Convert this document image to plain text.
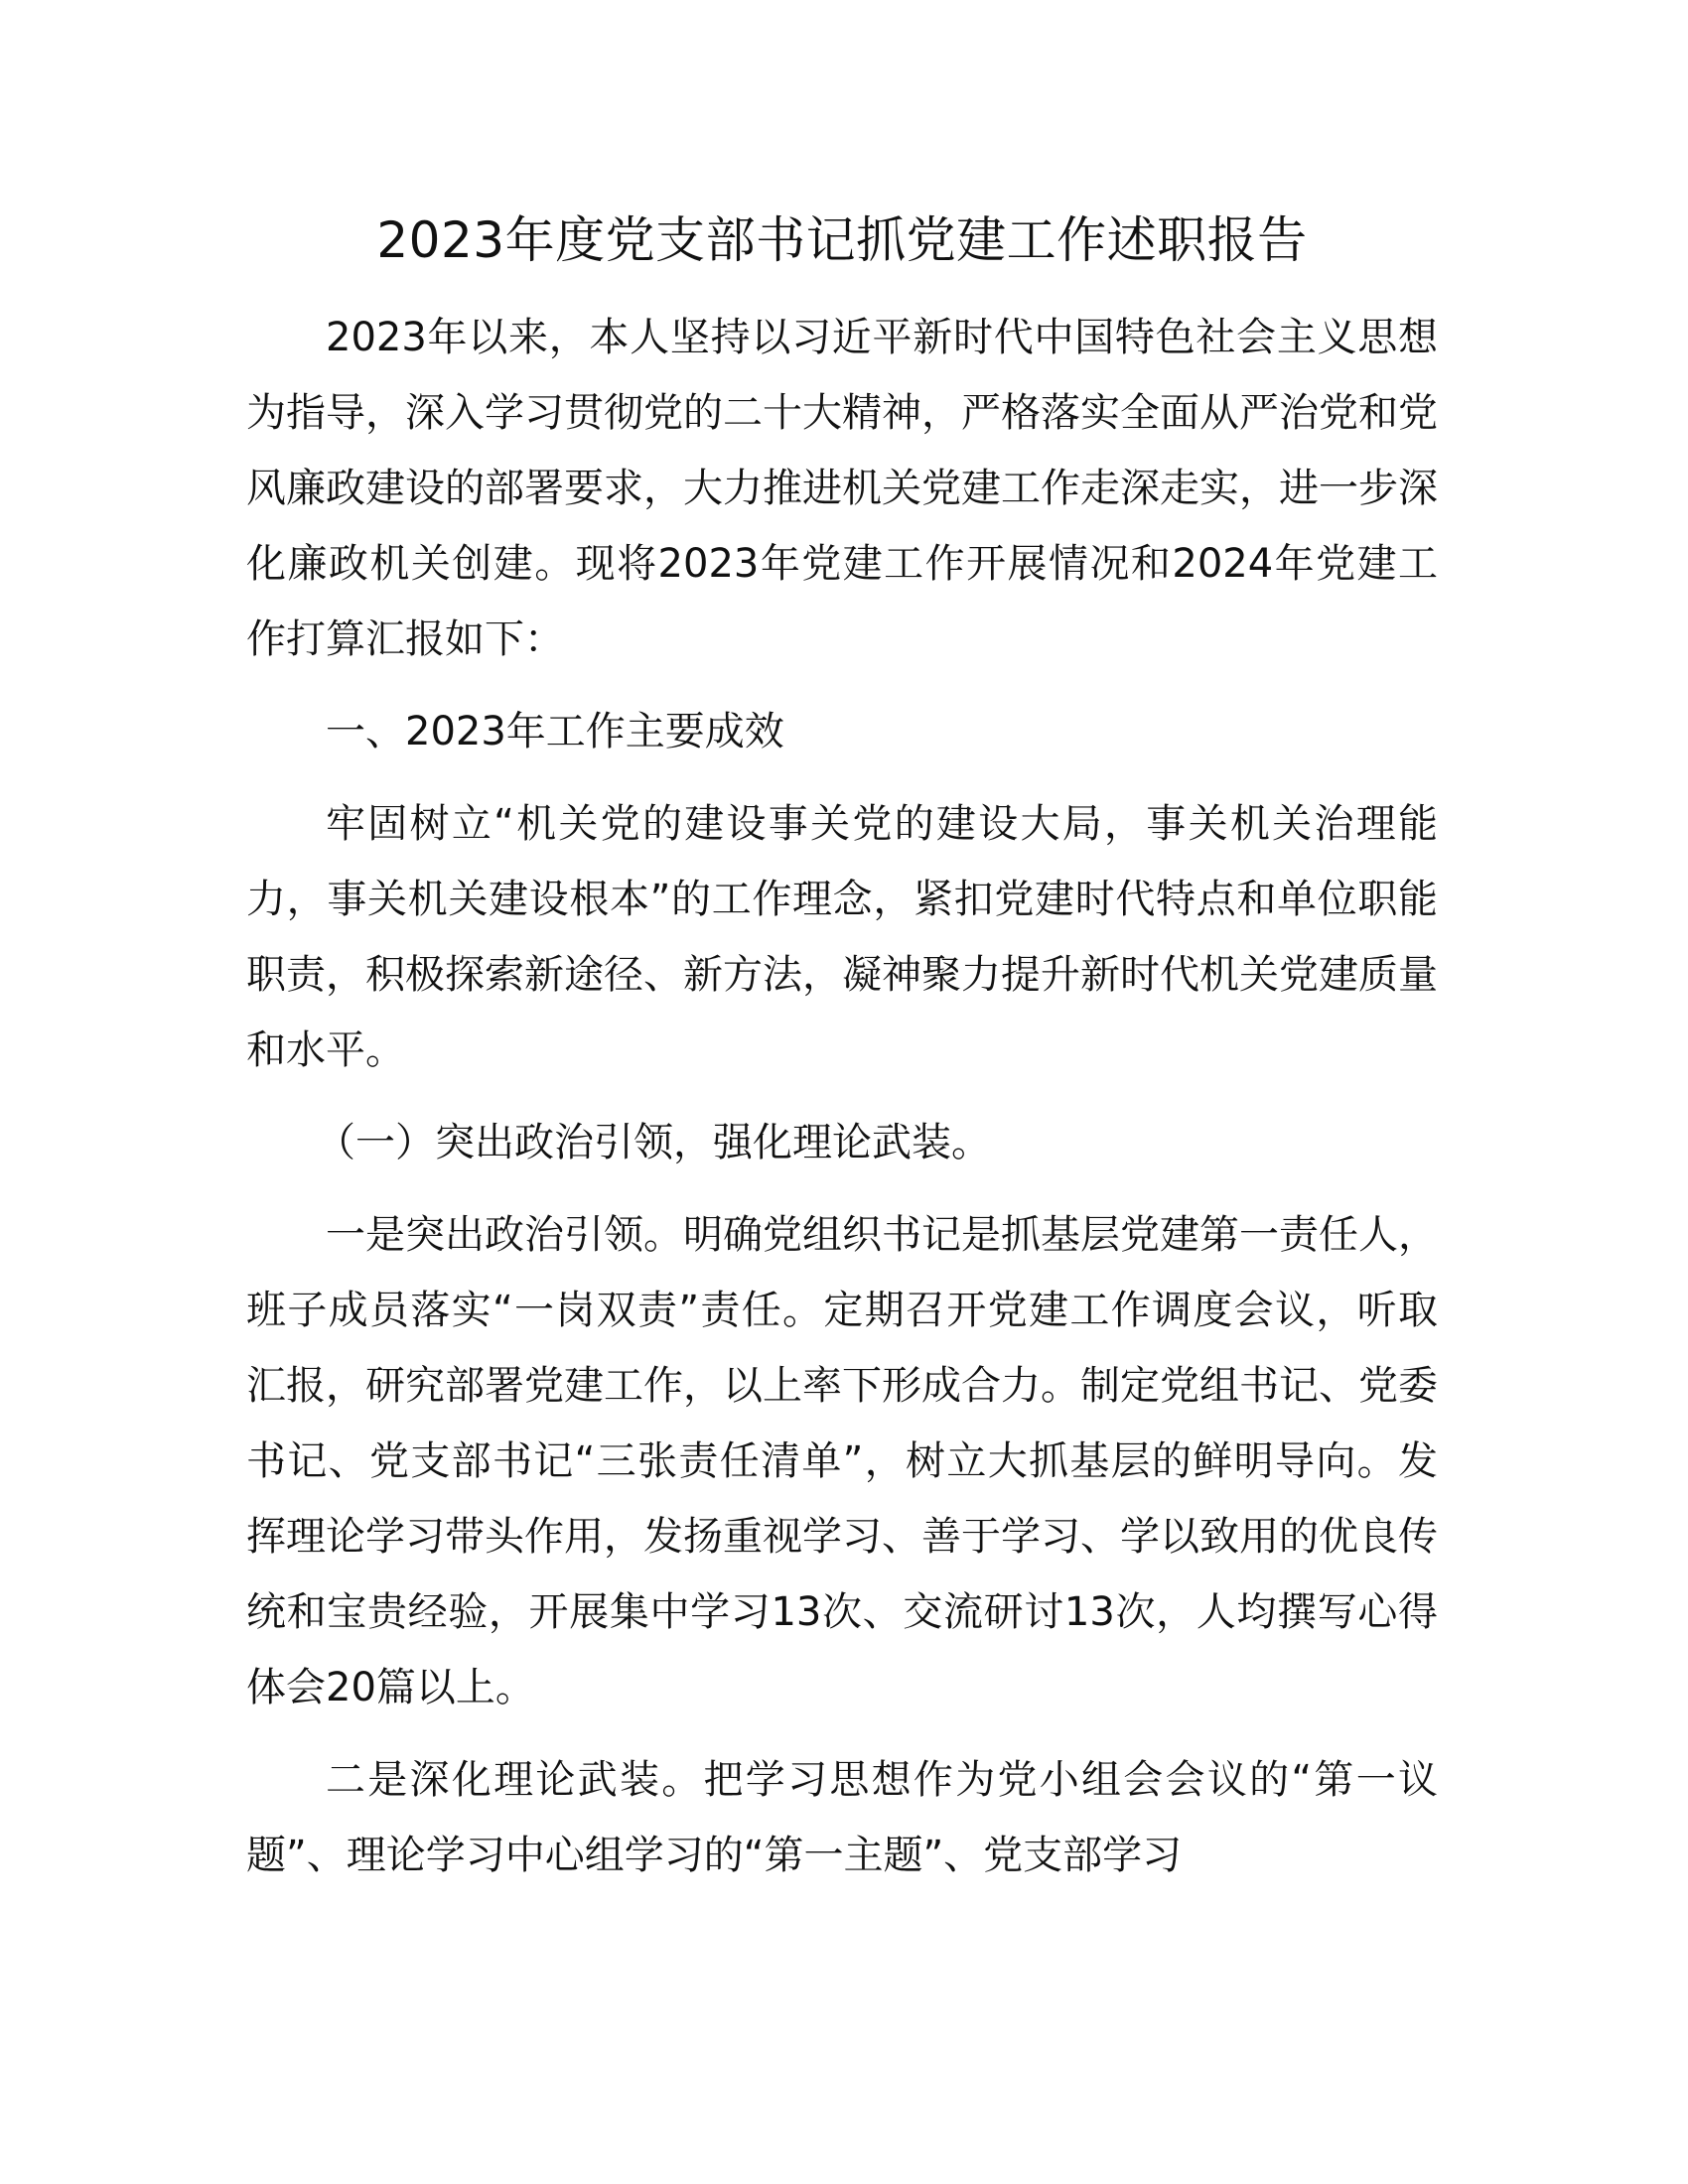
2023年度党支部书记抓党建工作述职报告

2023年以来，本人坚持以习近平新时代中国特色社会主义思想为指导，深入学习贯彻党的二十大精神，严格落实全面从严治党和党风廉政建设的部署要求，大力推进机关党建工作走深走实，进一步深化廉政机关创建。现将2023年党建工作开展情况和2024年党建工作打算汇报如下：

一、2023年工作主要成效

牢固树立“机关党的建设事关党的建设大局，事关机关治理能力，事关机关建设根本”的工作理念，紧扣党建时代特点和单位职能职责，积极探索新途径、新方法，凝神聚力提升新时代机关党建质量和水平。

（一）突出政治引领，强化理论武装。

一是突出政治引领。明确党组织书记是抓基层党建第一责任人，班子成员落实“一岗双责”责任。定期召开党建工作调度会议，听取汇报，研究部署党建工作，以上率下形成合力。制定党组书记、党委书记、党支部书记“三张责任清单”，树立大抓基层的鲜明导向。发挥理论学习带头作用，发扬重视学习、善于学习、学以致用的优良传统和宝贵经验，开展集中学习13次、交流研讨13次，人均撰写心得体会20篇以上。

二是深化理论武装。把学习思想作为党小组会会议的“第一议题”、理论学习中心组学习的“第一主题”、党支部学习
